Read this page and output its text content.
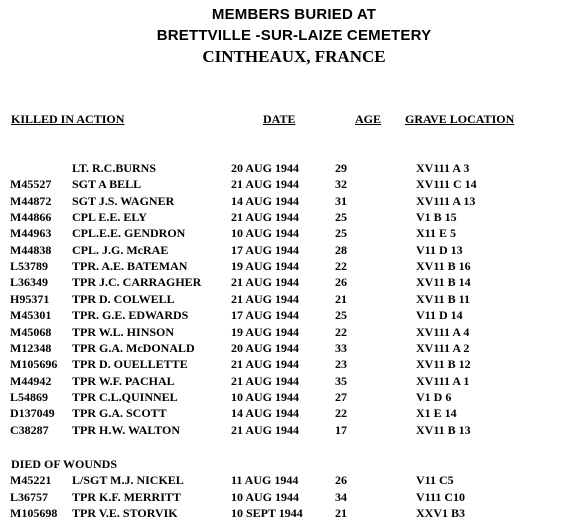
MEMBERS BURIED AT
BRETTVILLE -SUR-LAIZE CEMETERY
CINTHEAUX, FRANCE
KILLED IN ACTION	DATE	AGE GRAVE LOCATION
LT. R.C.BURNS	20 AUG 1944	29	XV111 A 3
M45527 SGT A BELL	21 AUG 1944	32	XV111 C 14
M44872 SGT J.S. WAGNER	14 AUG 1944	31	XV111 A 13
M44866 CPL E.E. ELY	21 AUG 1944	25	V1 B 15
M44963 CPL.E.E. GENDRON	10 AUG 1944	25	X11 E 5
M44838 CPL. J.G. McRAE	17 AUG 1944	28	V11 D 13
L53789 TPR. A.E. BATEMAN	19 AUG 1944	22	XV11 B 16
L36349 TPR J.C. CARRAGHER 21 AUG 1944	26	XV11 B 14
H95371 TPR D. COLWELL	21 AUG 1944	21	XV11 B 11
M45301 TPR. G.E. EDWARDS	17 AUG 1944	25	V11 D 14
M45068 TPR W.L. HINSON	19 AUG 1944	22	XV111 A 4
M12348 TPR G.A. McDONALD	20 AUG 1944	33	XV111 A 2
M105696 TPR D. OUELLETTE	21 AUG 1944	23	XV11 B 12
M44942 TPR W.F. PACHAL	21 AUG 1944	35	XV111 A 1
L54869 TPR C.L.QUINNEL	10 AUG 1944	27	V1 D 6
D137049 TPR G.A. SCOTT	14 AUG 1944	22	X1 E 14
C38287 TPR H.W. WALTON	21 AUG 1944	17	XV11 B 13
DIED OF WOUNDS
M45221 L/SGT M.J. NICKEL	11 AUG 1944	26	V11 C5
L36757 TPR K.F. MERRITT	10 AUG 1944	34	V111 C10
M105698 TPR V.E. STORVIK	10 SEPT 1944	21	XXV1 B3
